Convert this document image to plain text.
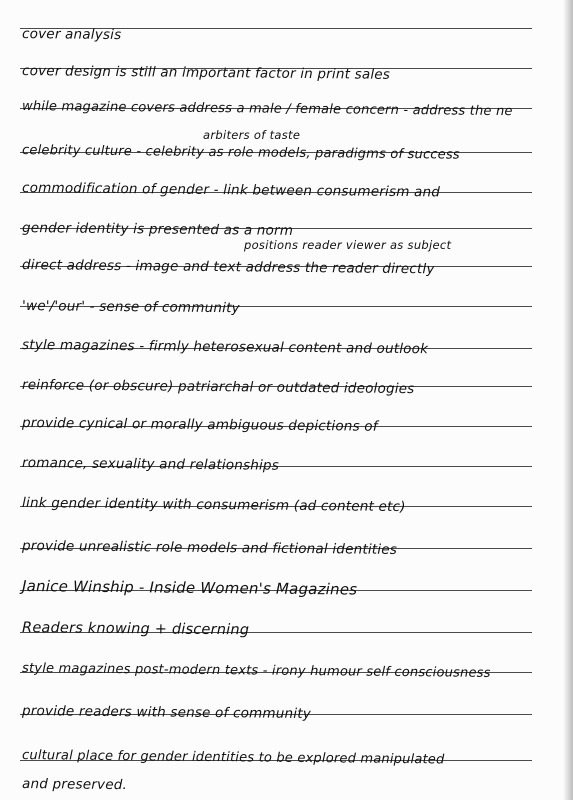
cover analysis
cover design is still an important factor in print sales
while magazine covers address a male / female concern - address the ne
arbiters of taste
celebrity culture - celebrity as role models, paradigms of success
commodification of gender - link between consumerism and
gender identity is presented as a norm
positions reader viewer as subject
direct address - image and text address the reader directly
'we'/'our' - sense of community
style magazines - firmly heterosexual content and outlook
reinforce (or obscure) patriarchal or outdated ideologies
provide cynical or morally ambiguous depictions of
romance, sexuality and relationships
link gender identity with consumerism (ad content etc)
provide unrealistic role models and fictional identities
Janice Winship - Inside Women's Magazines
Readers knowing + discerning
style magazines post-modern texts - irony humour self consciousness
provide readers with sense of community
cultural place for gender identities to be explored manipulated
and preserved.
